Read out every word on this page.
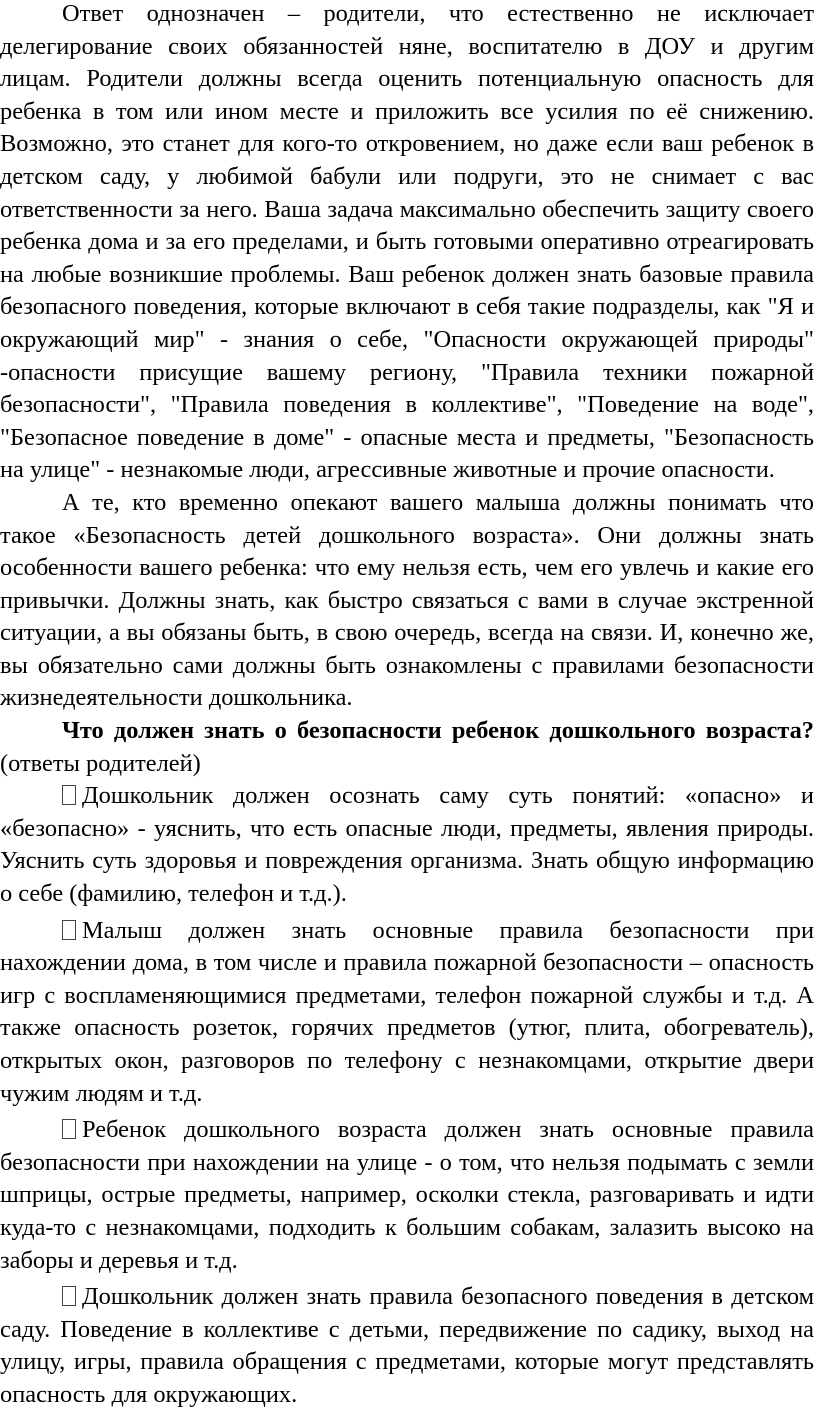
Ответ однозначен – родители, что естественно не исключает делегирование своих обязанностей няне, воспитателю в ДОУ и другим лицам. Родители должны всегда оценить потенциальную опасность для ребенка в том или ином месте и приложить все усилия по её снижению. Возможно, это станет для кого-то откровением, но даже если ваш ребенок в детском саду, у любимой бабули или подруги, это не снимает с вас ответственности за него. Ваша задача максимально обеспечить защиту своего ребенка дома и за его пределами, и быть готовыми оперативно отреагировать на любые возникшие проблемы. Ваш ребенок должен знать базовые правила безопасного поведения, которые включают в себя такие подразделы, как "Я и окружающий мир" - знания о себе, "Опасности окружающей природы" -опасности присущие вашему региону, "Правила техники пожарной безопасности", "Правила поведения в коллективе", "Поведение на воде", "Безопасное поведение в доме" - опасные места и предметы, "Безопасность на улице" - незнакомые люди, агрессивные животные и прочие опасности.

А те, кто временно опекают вашего малыша должны понимать что такое «Безопасность детей дошкольного возраста». Они должны знать особенности вашего ребенка: что ему нельзя есть, чем его увлечь и какие его привычки. Должны знать, как быстро связаться с вами в случае экстренной ситуации, а вы обязаны быть, в свою очередь, всегда на связи. И, конечно же, вы обязательно сами должны быть ознакомлены с правилами безопасности жизнедеятельности дошкольника.

Что должен знать о безопасности ребенок дошкольного возраста? (ответы родителей)

Дошкольник должен осознать саму суть понятий: «опасно» и «безопасно» - уяснить, что есть опасные люди, предметы, явления природы. Уяснить суть здоровья и повреждения организма. Знать общую информацию о себе (фамилию, телефон и т.д.).

Малыш должен знать основные правила безопасности при нахождении дома, в том числе и правила пожарной безопасности – опасность игр с воспламеняющимися предметами, телефон пожарной службы и т.д. А также опасность розеток, горячих предметов (утюг, плита, обогреватель), открытых окон, разговоров по телефону с незнакомцами, открытие двери чужим людям и т.д.

Ребенок дошкольного возраста должен знать основные правила безопасности при нахождении на улице - о том, что нельзя подымать с земли шприцы, острые предметы, например, осколки стекла, разговаривать и идти куда-то с незнакомцами, подходить к большим собакам, залазить высоко на заборы и деревья и т.д.

Дошкольник должен знать правила безопасного поведения в детском саду. Поведение в коллективе с детьми, передвижение по садику, выход на улицу, игры, правила обращения с предметами, которые могут представлять опасность для окружающих.
